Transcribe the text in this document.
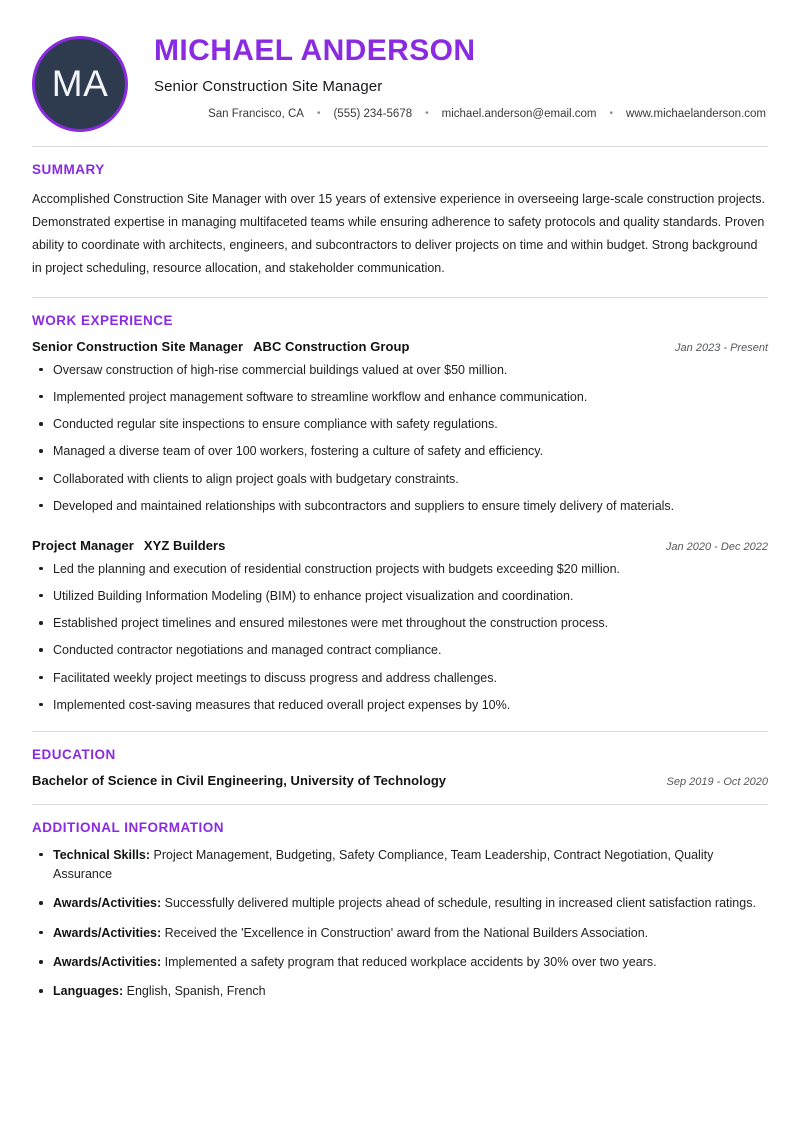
MA
MICHAEL ANDERSON
Senior Construction Site Manager
San Francisco, CA • (555) 234-5678 • michael.anderson@email.com • www.michaelanderson.com
SUMMARY
Accomplished Construction Site Manager with over 15 years of extensive experience in overseeing large-scale construction projects. Demonstrated expertise in managing multifaceted teams while ensuring adherence to safety protocols and quality standards. Proven ability to coordinate with architects, engineers, and subcontractors to deliver projects on time and within budget. Strong background in project scheduling, resource allocation, and stakeholder communication.
WORK EXPERIENCE
Senior Construction Site Manager ABC Construction Group	Jan 2023 - Present
Oversaw construction of high-rise commercial buildings valued at over $50 million.
Implemented project management software to streamline workflow and enhance communication.
Conducted regular site inspections to ensure compliance with safety regulations.
Managed a diverse team of over 100 workers, fostering a culture of safety and efficiency.
Collaborated with clients to align project goals with budgetary constraints.
Developed and maintained relationships with subcontractors and suppliers to ensure timely delivery of materials.
Project Manager XYZ Builders	Jan 2020 - Dec 2022
Led the planning and execution of residential construction projects with budgets exceeding $20 million.
Utilized Building Information Modeling (BIM) to enhance project visualization and coordination.
Established project timelines and ensured milestones were met throughout the construction process.
Conducted contractor negotiations and managed contract compliance.
Facilitated weekly project meetings to discuss progress and address challenges.
Implemented cost-saving measures that reduced overall project expenses by 10%.
EDUCATION
Bachelor of Science in Civil Engineering, University of Technology	Sep 2019 - Oct 2020
ADDITIONAL INFORMATION
Technical Skills: Project Management, Budgeting, Safety Compliance, Team Leadership, Contract Negotiation, Quality Assurance
Awards/Activities: Successfully delivered multiple projects ahead of schedule, resulting in increased client satisfaction ratings.
Awards/Activities: Received the 'Excellence in Construction' award from the National Builders Association.
Awards/Activities: Implemented a safety program that reduced workplace accidents by 30% over two years.
Languages: English, Spanish, French
